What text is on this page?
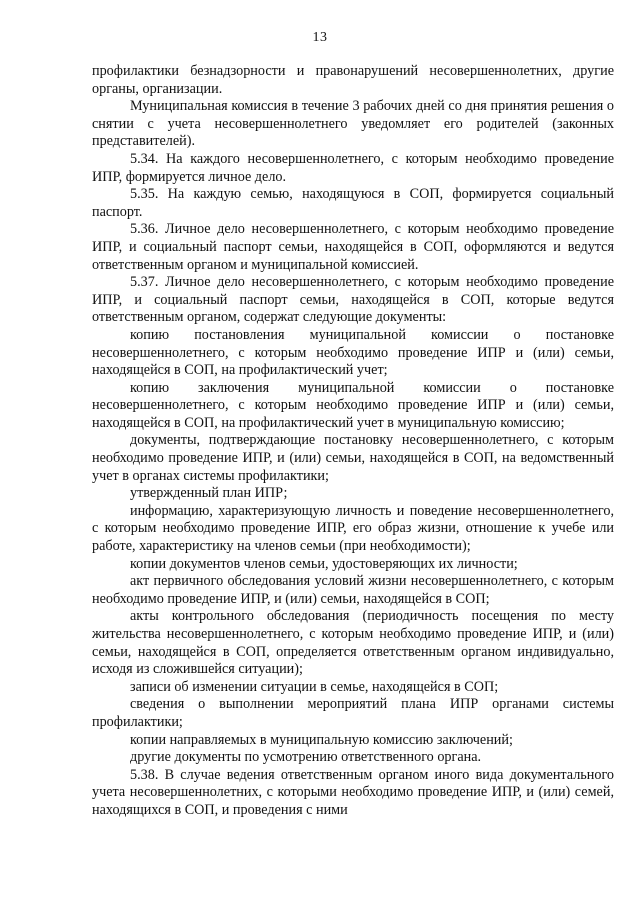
13

профилактики безнадзорности и правонарушений несовершеннолетних, другие органы, организации.

Муниципальная комиссия в течение 3 рабочих дней со дня принятия решения о снятии с учета несовершеннолетнего уведомляет его родителей (законных представителей).

5.34. На каждого несовершеннолетнего, с которым необходимо проведение ИПР, формируется личное дело.

5.35. На каждую семью, находящуюся в СОП, формируется социальный паспорт.

5.36. Личное дело несовершеннолетнего, с которым необходимо проведение ИПР, и социальный паспорт семьи, находящейся в СОП, оформляются и ведутся ответственным органом и муниципальной комиссией.

5.37. Личное дело несовершеннолетнего, с которым необходимо проведение ИПР, и социальный паспорт семьи, находящейся в СОП, которые ведутся ответственным органом, содержат следующие документы:

копию постановления муниципальной комиссии о постановке несовершеннолетнего, с которым необходимо проведение ИПР и (или) семьи, находящейся в СОП, на профилактический учет;

копию заключения муниципальной комиссии о постановке несовершеннолетнего, с которым необходимо проведение ИПР и (или) семьи, находящейся в СОП, на профилактический учет в муниципальную комиссию;

документы, подтверждающие постановку несовершеннолетнего, с которым необходимо проведение ИПР, и (или) семьи, находящейся в СОП, на ведомственный учет в органах системы профилактики;

утвержденный план ИПР;

информацию, характеризующую личность и поведение несовершеннолетнего, с которым необходимо проведение ИПР, его образ жизни, отношение к учебе или работе, характеристику на членов семьи (при необходимости);

копии документов членов семьи, удостоверяющих их личности;

акт первичного обследования условий жизни несовершеннолетнего, с которым необходимо проведение ИПР, и (или) семьи, находящейся в СОП;

акты контрольного обследования (периодичность посещения по месту жительства несовершеннолетнего, с которым необходимо проведение ИПР, и (или) семьи, находящейся в СОП, определяется ответственным органом индивидуально, исходя из сложившейся ситуации);

записи об изменении ситуации в семье, находящейся в СОП;

сведения о выполнении мероприятий плана ИПР органами системы профилактики;

копии направляемых в муниципальную комиссию заключений;

другие документы по усмотрению ответственного органа.

5.38. В случае ведения ответственным органом иного вида документального учета несовершеннолетних, с которыми необходимо проведение ИПР, и (или) семей, находящихся в СОП, и проведения с ними
